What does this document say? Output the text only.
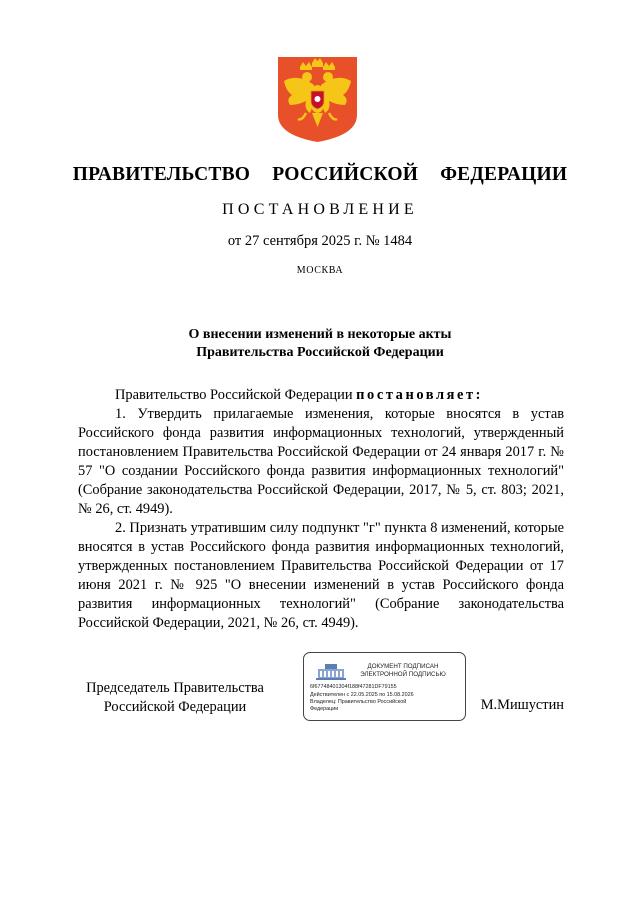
ПРАВИТЕЛЬСТВО  РОССИЙСКОЙ  ФЕДЕРАЦИИ
ПОСТАНОВЛЕНИЕ
от 27 сентября 2025 г. № 1484
МОСКВА
О внесении изменений в некоторые акты
Правительства Российской Федерации

Правительство Российской Федерации постановляет:

1. Утвердить прилагаемые изменения, которые вносятся в устав Российского фонда развития информационных технологий, утвержденный постановлением Правительства Российской Федерации от 24 января 2017 г. № 57 "О создании Российского фонда развития информационных технологий" (Собрание законодательства Российской Федерации, 2017, № 5, ст. 803; 2021, № 26, ст. 4949).

2. Признать утратившим силу подпункт "г" пункта 8 изменений, которые вносятся в устав Российского фонда развития информационных технологий, утвержденных постановлением Правительства Российской Федерации от 17 июня 2021 г. № 925 "О внесении изменений в устав Российского фонда развития информационных технологий" (Собрание законодательства Российской Федерации, 2021, № 26, ст. 4949).

Председатель Правительства
Российской Федерации
ДОКУМЕНТ ПОДПИСАН
ЭЛЕКТРОННОЙ ПОДПИСЬЮ
6f67748401304f188f47281DF79155
Действителен с 22.05.2025 по 15.08.2026
Владелец: Правительство Российской
Федерации	М.Мишустин
